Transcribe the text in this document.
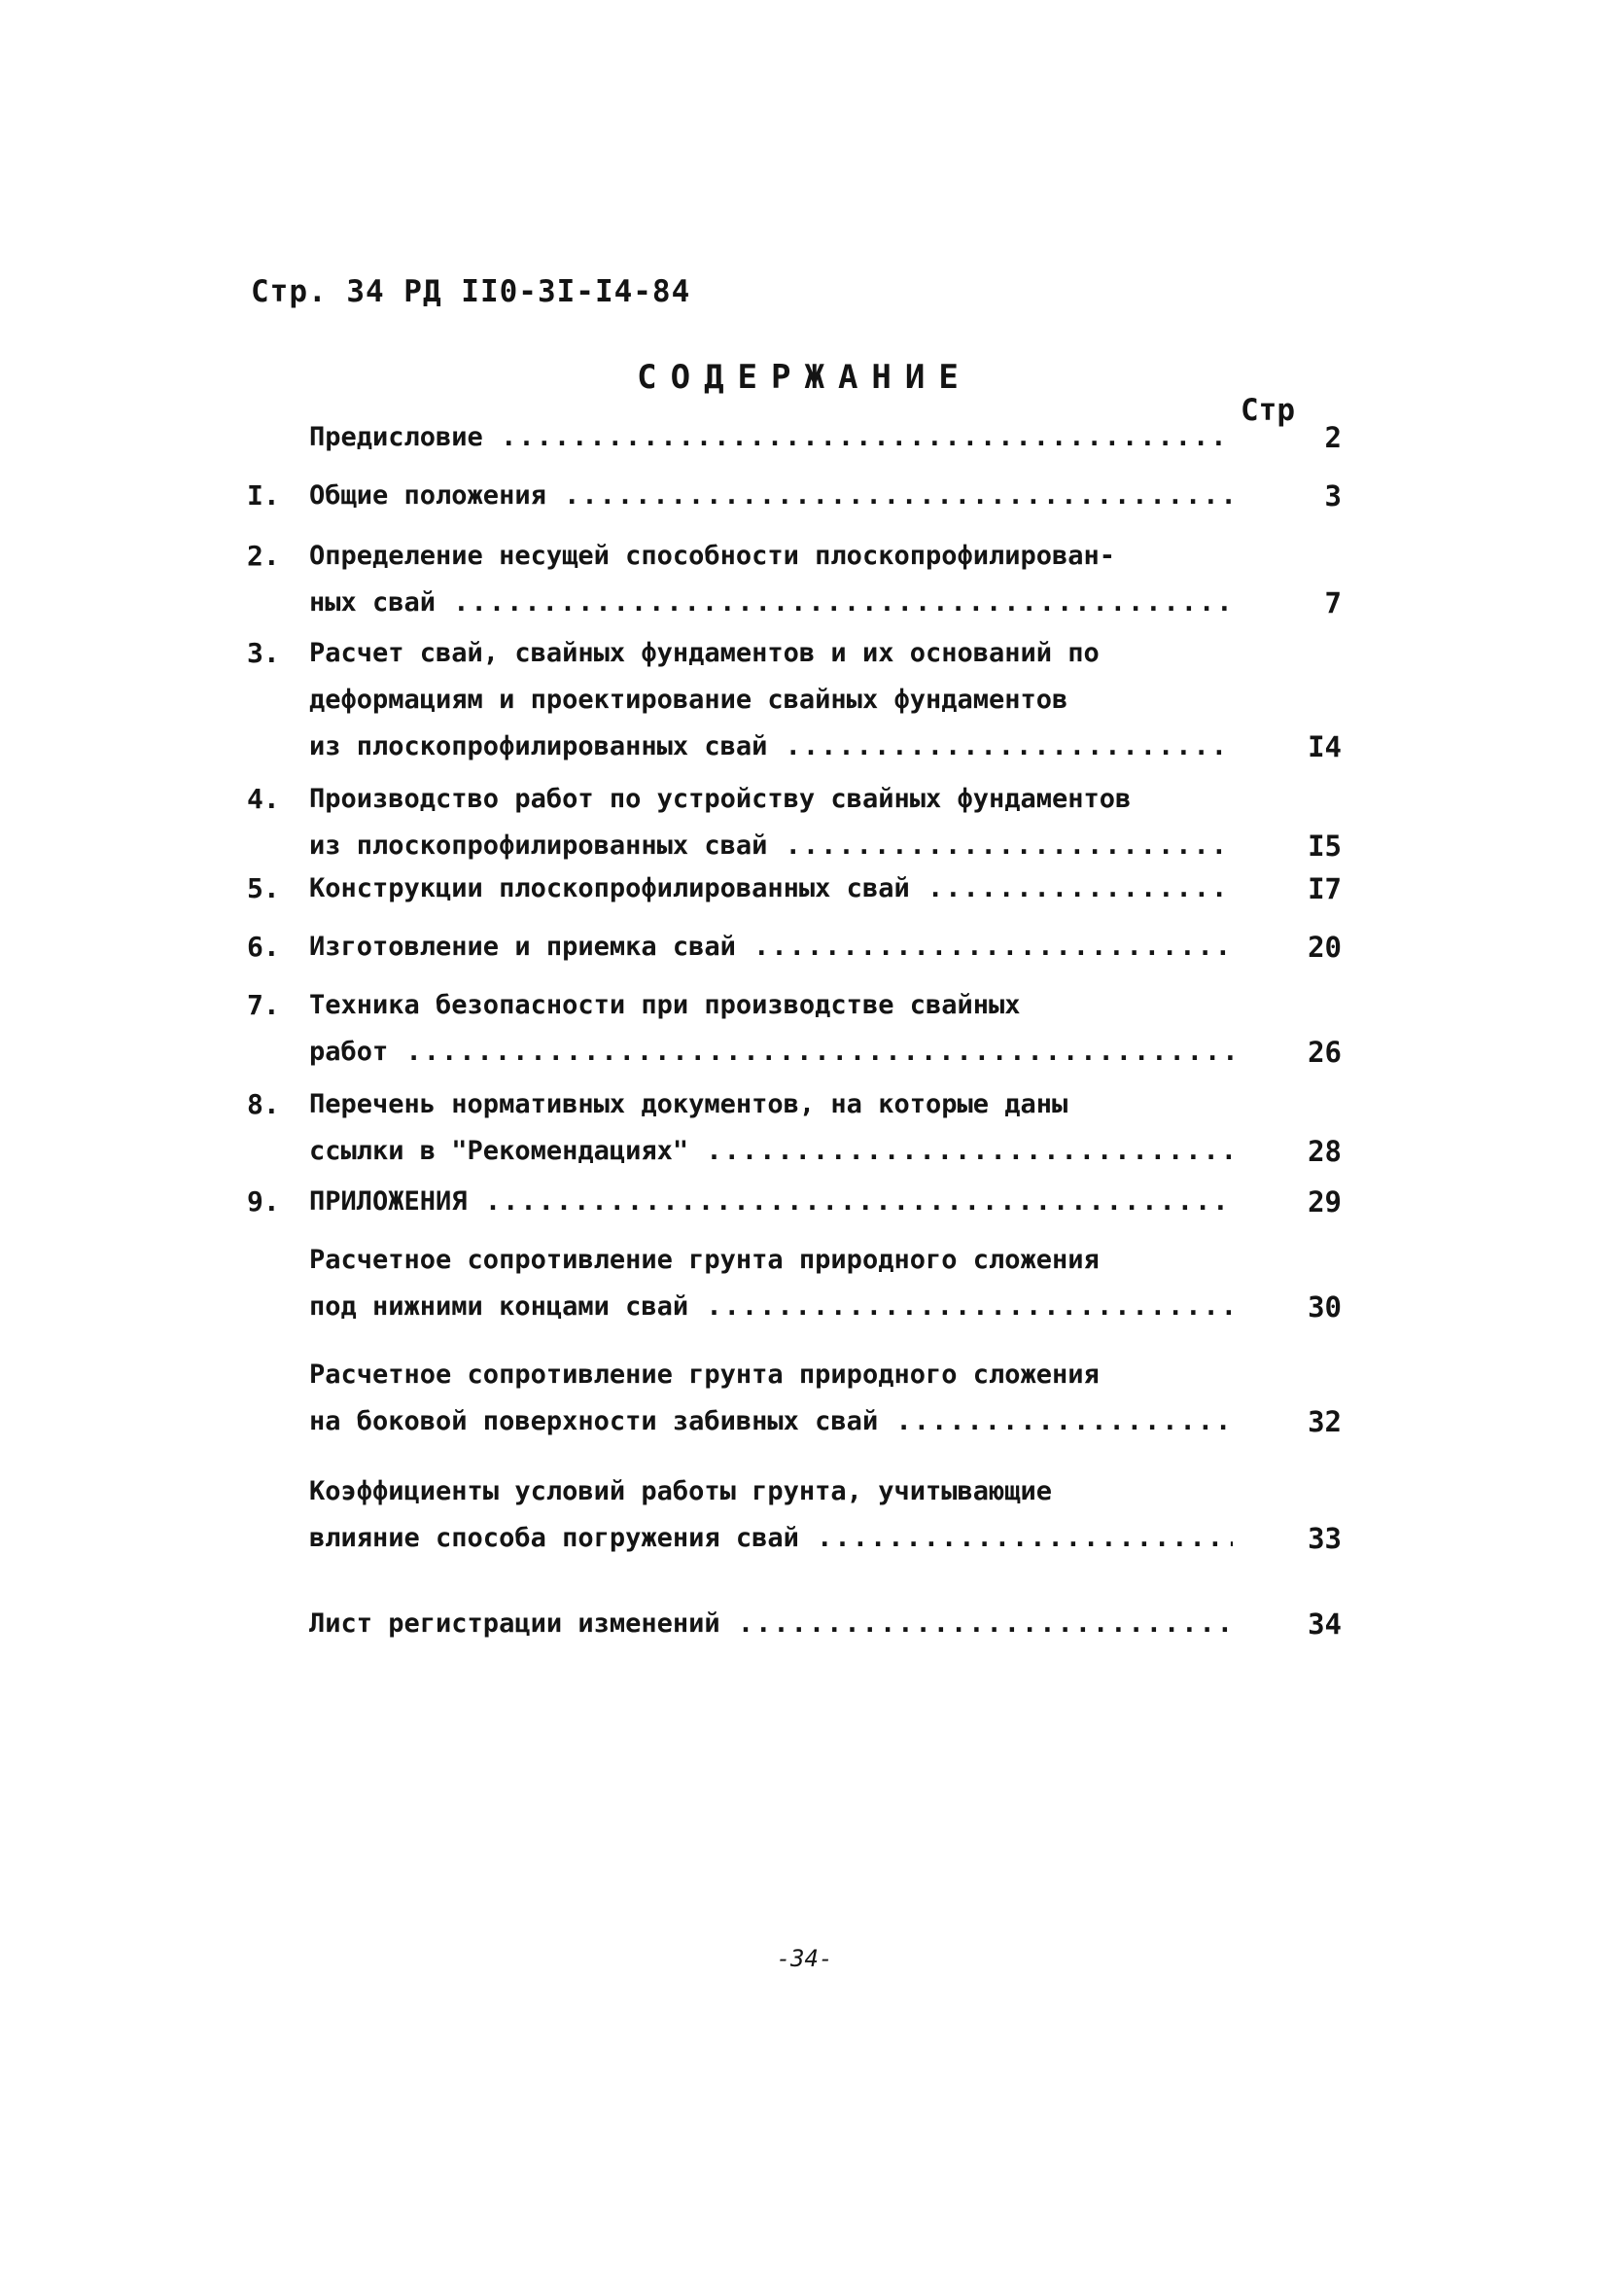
Стр. 34 РД II0-3I-I4-84
СОДЕРЖАНИЕ
Стр
Предисловие .....	2
I.	Общие положения .....	3
2.	Определение несущей способности плоскопрофилирован-
ных свай .....	7
3.	Расчет свай, свайных фундаментов и их оснований по
деформациям и проектирование свайных фундаментов
из плоскопрофилированных свай .....	I4
4.	Производство работ по устройству свайных фундаментов
из плоскопрофилированных свай .....	I5
5.	Конструкции плоскопрофилированных свай .....	I7
6.	Изготовление и приемка свай .....	20
7.	Техника безопасности при производстве свайных
работ .....	26
8.	Перечень нормативных документов, на которые даны
ссылки в "Рекомендациях" .....	28
9.	ПРИЛОЖЕНИЯ .....	29
Расчетное сопротивление грунта природного сложения
под нижними концами свай .....	30
Расчетное сопротивление грунта природного сложения
на боковой поверхности забивных свай .....	32
Коэффициенты условий работы грунта, учитывающие
влияние способа погружения свай .....	33
Лист регистрации изменений .....	34
-34-
